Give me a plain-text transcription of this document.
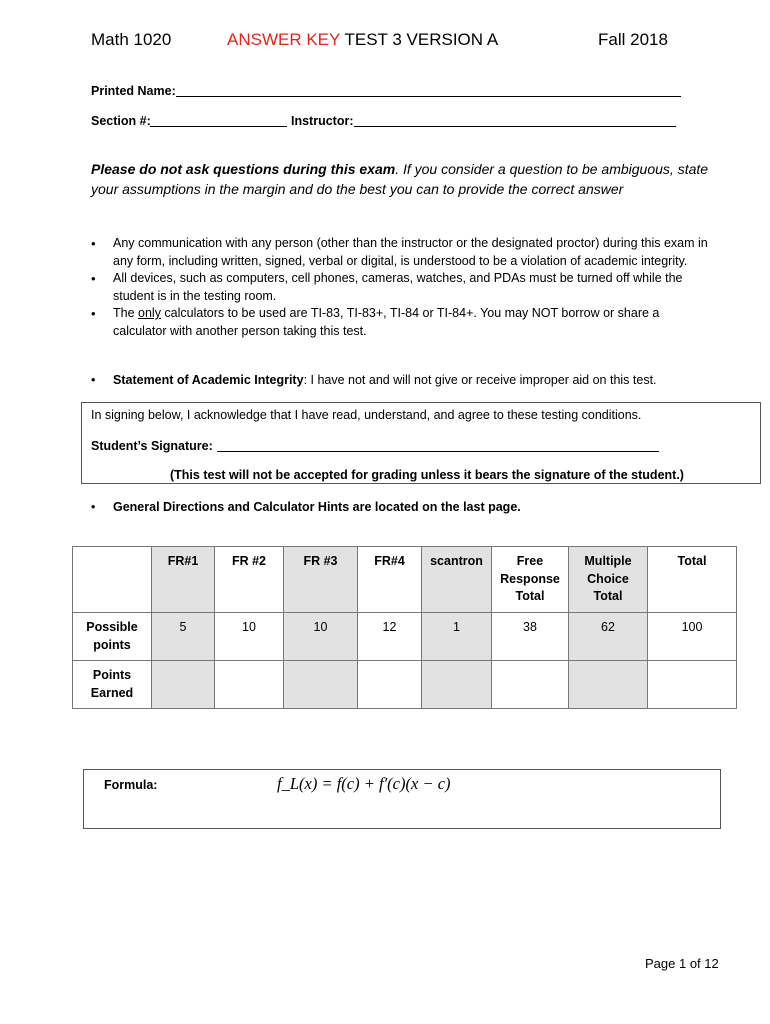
Math 1020	ANSWER KEY TEST 3 VERSION A	Fall 2018
Printed Name:
Section #:	Instructor:
Please do not ask questions during this exam. If you consider a question to be ambiguous, state your assumptions in the margin and do the best you can to provide the correct answer
• Any communication with any person (other than the instructor or the designated proctor) during this exam in any form, including written, signed, verbal or digital, is understood to be a violation of academic integrity.
• All devices, such as computers, cell phones, cameras, watches, and PDAs must be turned off while the student is in the testing room.
• The only calculators to be used are TI-83, TI-83+, TI-84 or TI-84+. You may NOT borrow or share a calculator with another person taking this test.
• Statement of Academic Integrity: I have not and will not give or receive improper aid on this test.
In signing below, I acknowledge that I have read, understand, and agree to these testing conditions.
Student’s Signature:
(This test will not be accepted for grading unless it bears the signature of the student.)
• General Directions and Calculator Hints are located on the last page.

	FR#1	FR #2	FR #3	FR#4	scantron	Free Response Total	Multiple Choice Total	Total

Possible points	5	10	10	12	1	38	62	100

Points Earned								

Formula:	f_L(x) = f(c) + f′(c)(x − c)
Page 1 of 12
